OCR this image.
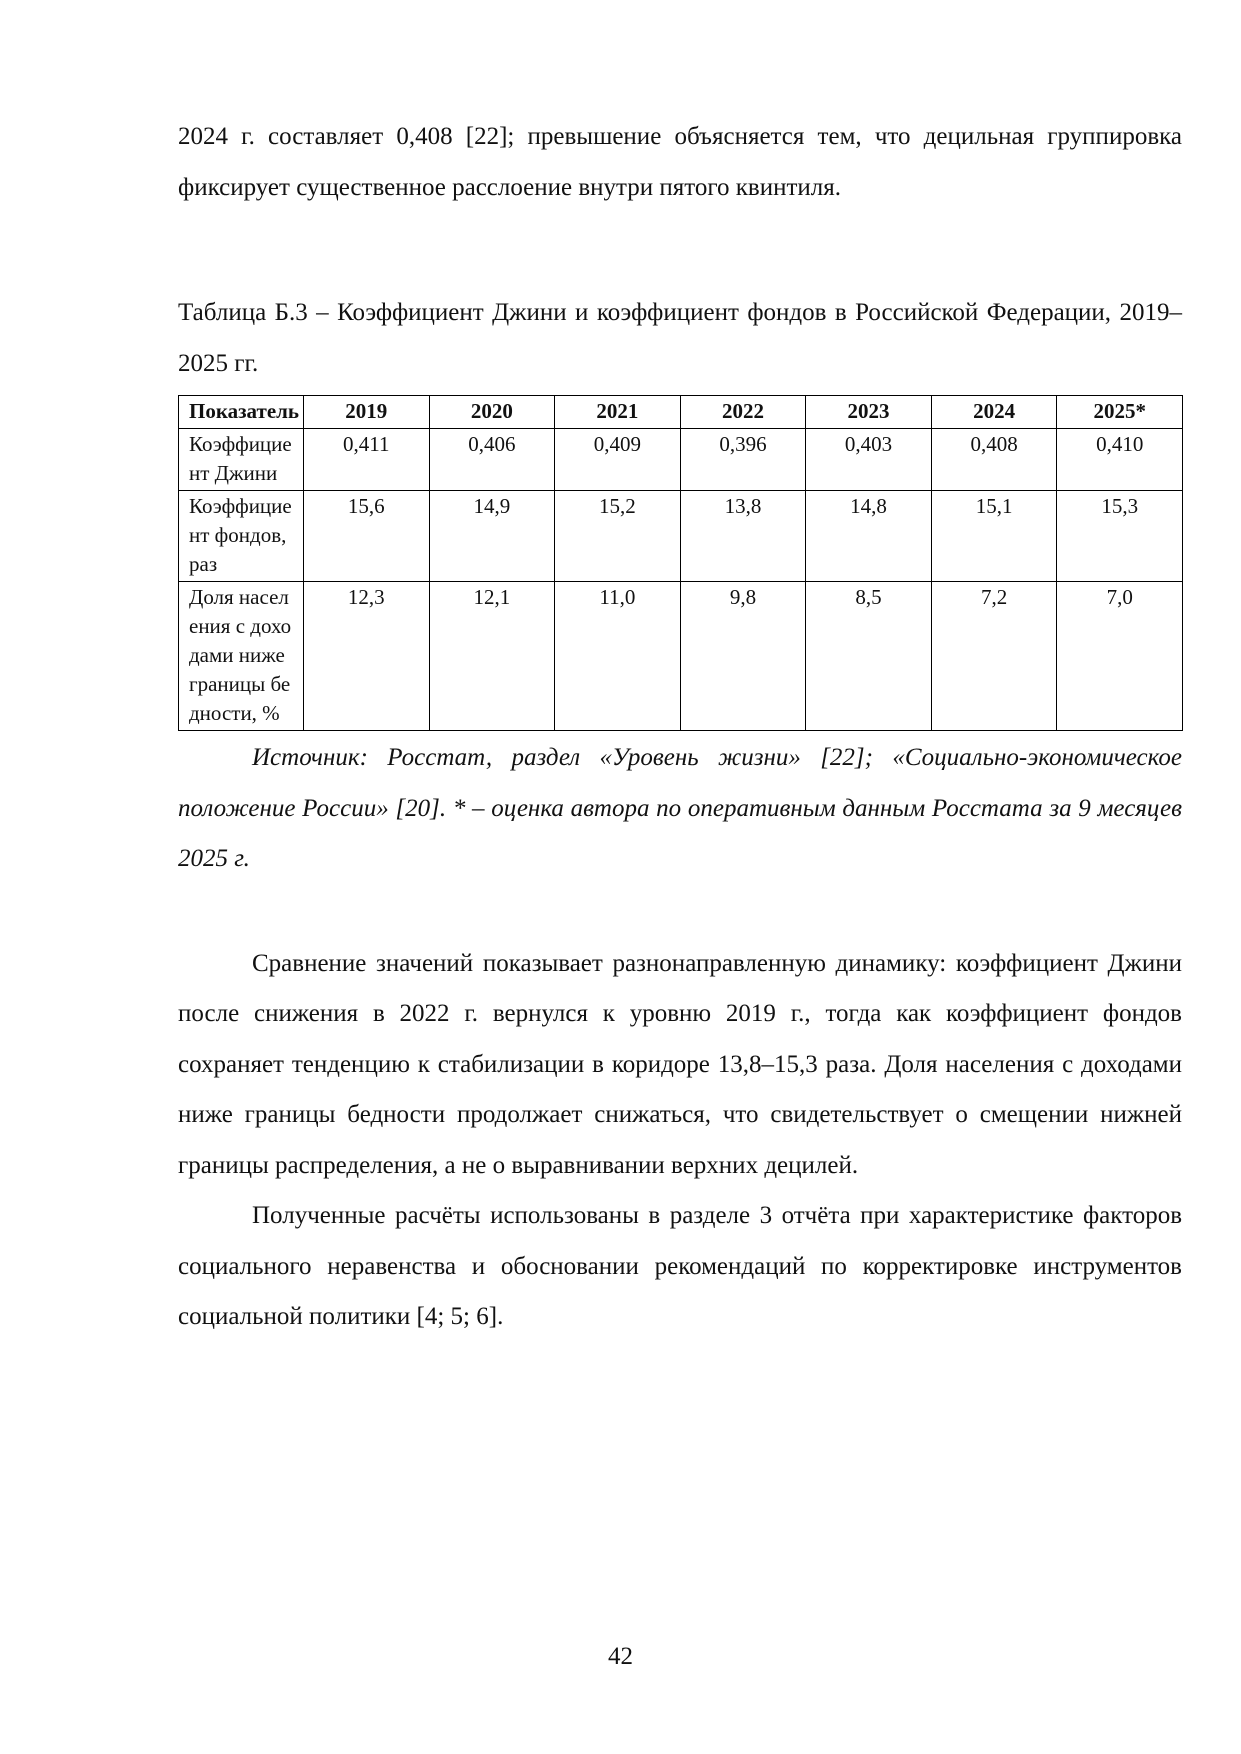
2024 г. составляет 0,408 [22]; превышение объясняется тем, что децильная группировка фиксирует существенное расслоение внутри пятого квинтиля.

Таблица Б.3 – Коэффициент Джини и коэффициент фондов в Российской Федерации, 2019–2025 гг.

Показатель	2019	2020	2021	2022	2023	2024	2025*
Коэффициент Джини	0,411	0,406	0,409	0,396	0,403	0,408	0,410
Коэффициент фондов, раз	15,6	14,9	15,2	13,8	14,8	15,1	15,3
Доля населения с доходами ниже границы бедности, %	12,3	12,1	11,0	9,8	8,5	7,2	7,0

Источник: Росстат, раздел «Уровень жизни» [22]; «Социально-экономическое положение России» [20]. * – оценка автора по оперативным данным Росстата за 9 месяцев 2025 г.

Сравнение значений показывает разнонаправленную динамику: коэффициент Джини после снижения в 2022 г. вернулся к уровню 2019 г., тогда как коэффициент фондов сохраняет тенденцию к стабилизации в коридоре 13,8–15,3 раза. Доля населения с доходами ниже границы бедности продолжает снижаться, что свидетельствует о смещении нижней границы распределения, а не о выравнивании верхних децилей.

Полученные расчёты использованы в разделе 3 отчёта при характеристике факторов социального неравенства и обосновании рекомендаций по корректировке инструментов социальной политики [4; 5; 6].

42
